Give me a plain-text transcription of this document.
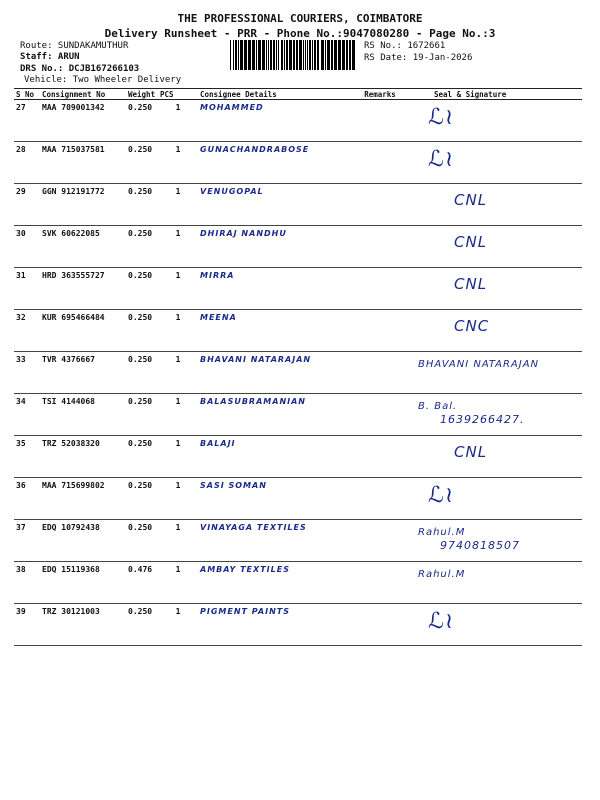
THE PROFESSIONAL COURIERS, COIMBATORE
Delivery Runsheet - PRR - Phone No.:9047080280 - Page No.:3
Route: SUNDAKAMUTHUR
Staff: ARUN
DRS No.: DCJB167266103
Vehicle: Two Wheeler Delivery
RS No.: 1672661
RS Date: 19-Jan-2026
S No	Consignment No	Weight	PCS	Consignee Details	Remarks	Seal & Signature
27	MAA 709001342	0.250	1	MOHAMMED		ℒ≀

28	MAA 715037581	0.250	1	GUNACHANDRABOSE		ℒ≀

29	GGN 912191772	0.250	1	VENUGOPAL		CNL

30	SVK 60622085	0.250	1	DHIRAJ NANDHU		CNL

31	HRD 363555727	0.250	1	MIRRA		CNL

32	KUR 695466484	0.250	1	MEENA		CNC

33	TVR 4376667	0.250	1	BHAVANI NATARAJAN		BHAVANI NATARAJAN

34	TSI 4144068	0.250	1	BALASUBRAMANIAN		B. Bal.
1639266427.

35	TRZ 52038320	0.250	1	BALAJI		CNL

36	MAA 715699802	0.250	1	SASI SOMAN		ℒ≀

37	EDQ 10792438	0.250	1	VINAYAGA TEXTILES		Rahul.M
9740818507

38	EDQ 15119368	0.476	1	AMBAY TEXTILES		Rahul.M

39	TRZ 30121003	0.250	1	PIGMENT PAINTS		ℒ≀
